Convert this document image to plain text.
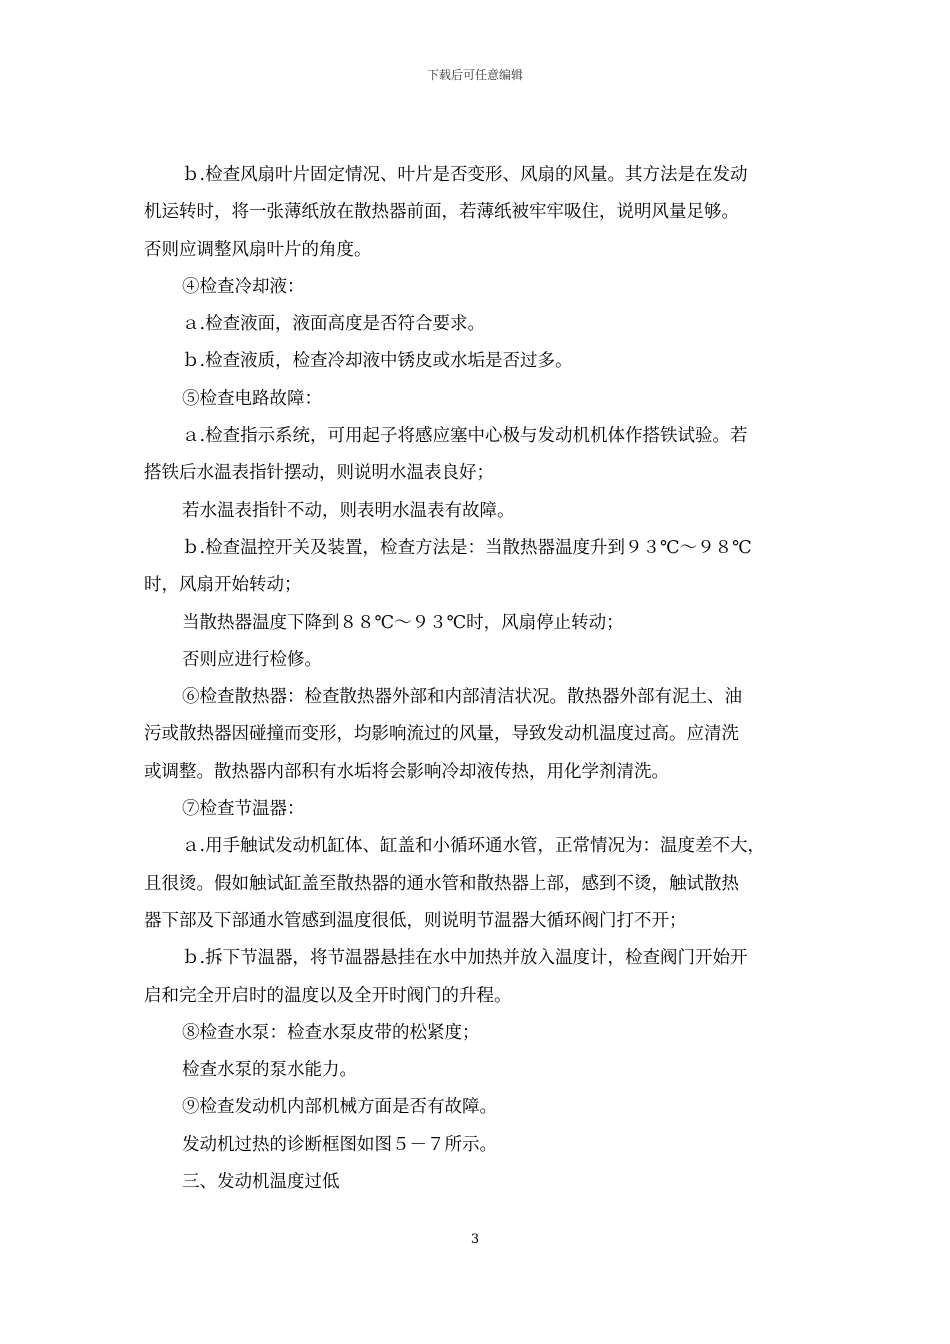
下载后可任意编辑
ｂ.检查风扇叶片固定情况、叶片是否变形、风扇的风量。其方法是在发动
机运转时，将一张薄纸放在散热器前面，若薄纸被牢牢吸住，说明风量足够。
否则应调整风扇叶片的角度。
④检查冷却液：
ａ.检查液面，液面高度是否符合要求。
ｂ.检查液质，检查冷却液中锈皮或水垢是否过多。
⑤检查电路故障：
ａ.检查指示系统，可用起子将感应塞中心极与发动机机体作搭铁试验。若
搭铁后水温表指针摆动，则说明水温表良好；
若水温表指针不动，则表明水温表有故障。
ｂ.检查温控开关及装置，检查方法是：当散热器温度升到９３℃～９８℃
时，风扇开始转动；
当散热器温度下降到８８℃～９３℃时，风扇停止转动；
否则应进行检修。
⑥检查散热器：检查散热器外部和内部清洁状况。散热器外部有泥土、油
污或散热器因碰撞而变形，均影响流过的风量，导致发动机温度过高。应清洗
或调整。散热器内部积有水垢将会影响冷却液传热，用化学剂清洗。
⑦检查节温器：
ａ.用手触试发动机缸体、缸盖和小循环通水管，正常情况为：温度差不大，
且很烫。假如触试缸盖至散热器的通水管和散热器上部，感到不烫，触试散热
器下部及下部通水管感到温度很低，则说明节温器大循环阀门打不开；
ｂ.拆下节温器，将节温器悬挂在水中加热并放入温度计，检查阀门开始开
启和完全开启时的温度以及全开时阀门的升程。
⑧检查水泵：检查水泵皮带的松紧度；
检查水泵的泵水能力。
⑨检查发动机内部机械方面是否有故障。
发动机过热的诊断框图如图５－７所示。
三、发动机温度过低
3
